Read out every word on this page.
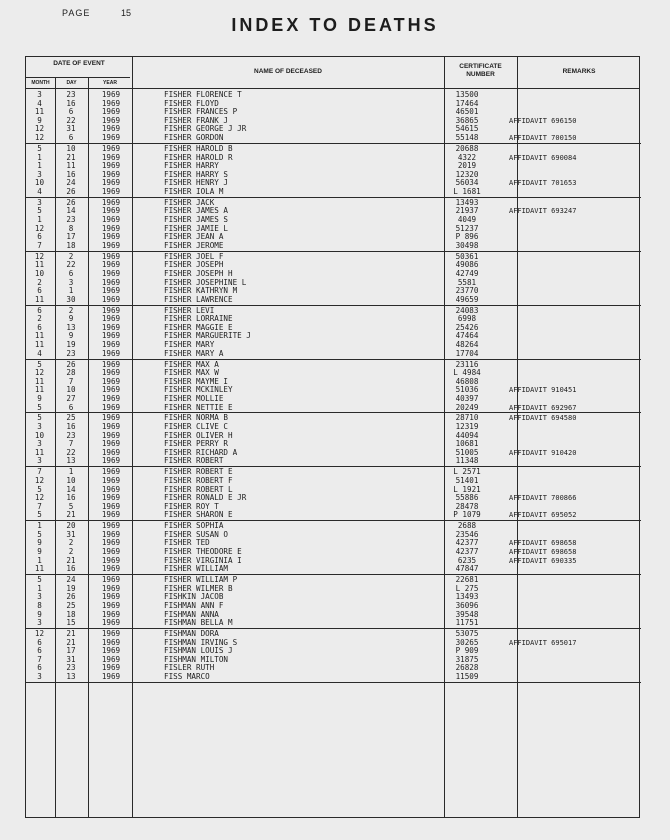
PAGE	15
INDEX TO DEATHS
DATE OF EVENT
MONTH	DAY	YEAR
NAME OF DECEASED
CERTIFICATE NUMBER	REMARKS
3	23	1969	FISHER FLORENCE T	13500
4	16	1969	FISHER FLOYD	17464
11	6	1969	FISHER FRANCES P	46501
9	22	1969	FISHER FRANK J	36865	AFFIDAVIT 696150
12	31	1969	FISHER GEORGE J JR	54615
12	6	1969	FISHER GORDON	55148	AFFIDAVIT 700150
5	10	1969	FISHER HAROLD B	20688
1	21	1969	FISHER HAROLD R	4322	AFFIDAVIT 690084
1	11	1969	FISHER HARRY	2019
3	16	1969	FISHER HARRY S	12320
10	24	1969	FISHER HENRY J	56034	AFFIDAVIT 701653
4	26	1969	FISHER IOLA M	L 1681
3	26	1969	FISHER JACK	13493
5	14	1969	FISHER JAMES A	21937	AFFIDAVIT 693247
1	23	1969	FISHER JAMES S	4049
12	8	1969	FISHER JAMIE L	51237
6	17	1969	FISHER JEAN A	P 896
7	18	1969	FISHER JEROME	30498
12	2	1969	FISHER JOEL F	50361
11	22	1969	FISHER JOSEPH	49086
10	6	1969	FISHER JOSEPH H	42749
2	3	1969	FISHER JOSEPHINE L	5581
6	1	1969	FISHER KATHRYN M	23770
11	30	1969	FISHER LAWRENCE	49659
6	2	1969	FISHER LEVI	24083
2	9	1969	FISHER LORRAINE	6998
6	13	1969	FISHER MAGGIE E	25426
11	9	1969	FISHER MARGUERITE J	47464
11	19	1969	FISHER MARY	48264
4	23	1969	FISHER MARY A	17704
5	26	1969	FISHER MAX A	23116
12	28	1969	FISHER MAX W	L 4984
11	7	1969	FISHER MAYME I	46808
11	10	1969	FISHER MCKINLEY	51036	AFFIDAVIT 910451
9	27	1969	FISHER MOLLIE	40397
5	6	1969	FISHER NETTIE E	20249	AFFIDAVIT 692967
5	25	1969	FISHER NORMA B	28710	AFFIDAVIT 694580
3	16	1969	FISHER CLIVE C	12319
10	23	1969	FISHER OLIVER H	44094
3	7	1969	FISHER PERRY R	10681
11	22	1969	FISHER RICHARD A	51005	AFFIDAVIT 910420
3	13	1969	FISHER ROBERT	11348
7	1	1969	FISHER ROBERT E	L 2571
12	10	1969	FISHER ROBERT F	51401
5	14	1969	FISHER ROBERT L	L 1921
12	16	1969	FISHER RONALD E JR	55886	AFFIDAVIT 700866
7	5	1969	FISHER ROY T	28478
5	21	1969	FISHER SHARON E	P 1079	AFFIDAVIT 695052
1	20	1969	FISHER SOPHIA	2688
5	31	1969	FISHER SUSAN O	23546
9	2	1969	FISHER TED	42377	AFFIDAVIT 698658
9	2	1969	FISHER THEODORE E	42377	AFFIDAVIT 698658
1	21	1969	FISHER VIRGINIA I	6235	AFFIDAVIT 690335
11	16	1969	FISHER WILLIAM	47847
5	24	1969	FISHER WILLIAM P	22681
1	19	1969	FISHER WILMER B	L 275
3	26	1969	FISHKIN JACOB	13493
8	25	1969	FISHMAN ANN F	36096
9	18	1969	FISHMAN ANNA	39548
3	15	1969	FISHMAN BELLA M	11751
12	21	1969	FISHMAN DORA	53075
6	21	1969	FISHMAN IRVING S	30265	AFFIDAVIT 695017
6	17	1969	FISHMAN LOUIS J	P 909
7	31	1969	FISHMAN MILTON	31875
6	23	1969	FISLER RUTH	26828
3	13	1969	FISS MARCO	11509
